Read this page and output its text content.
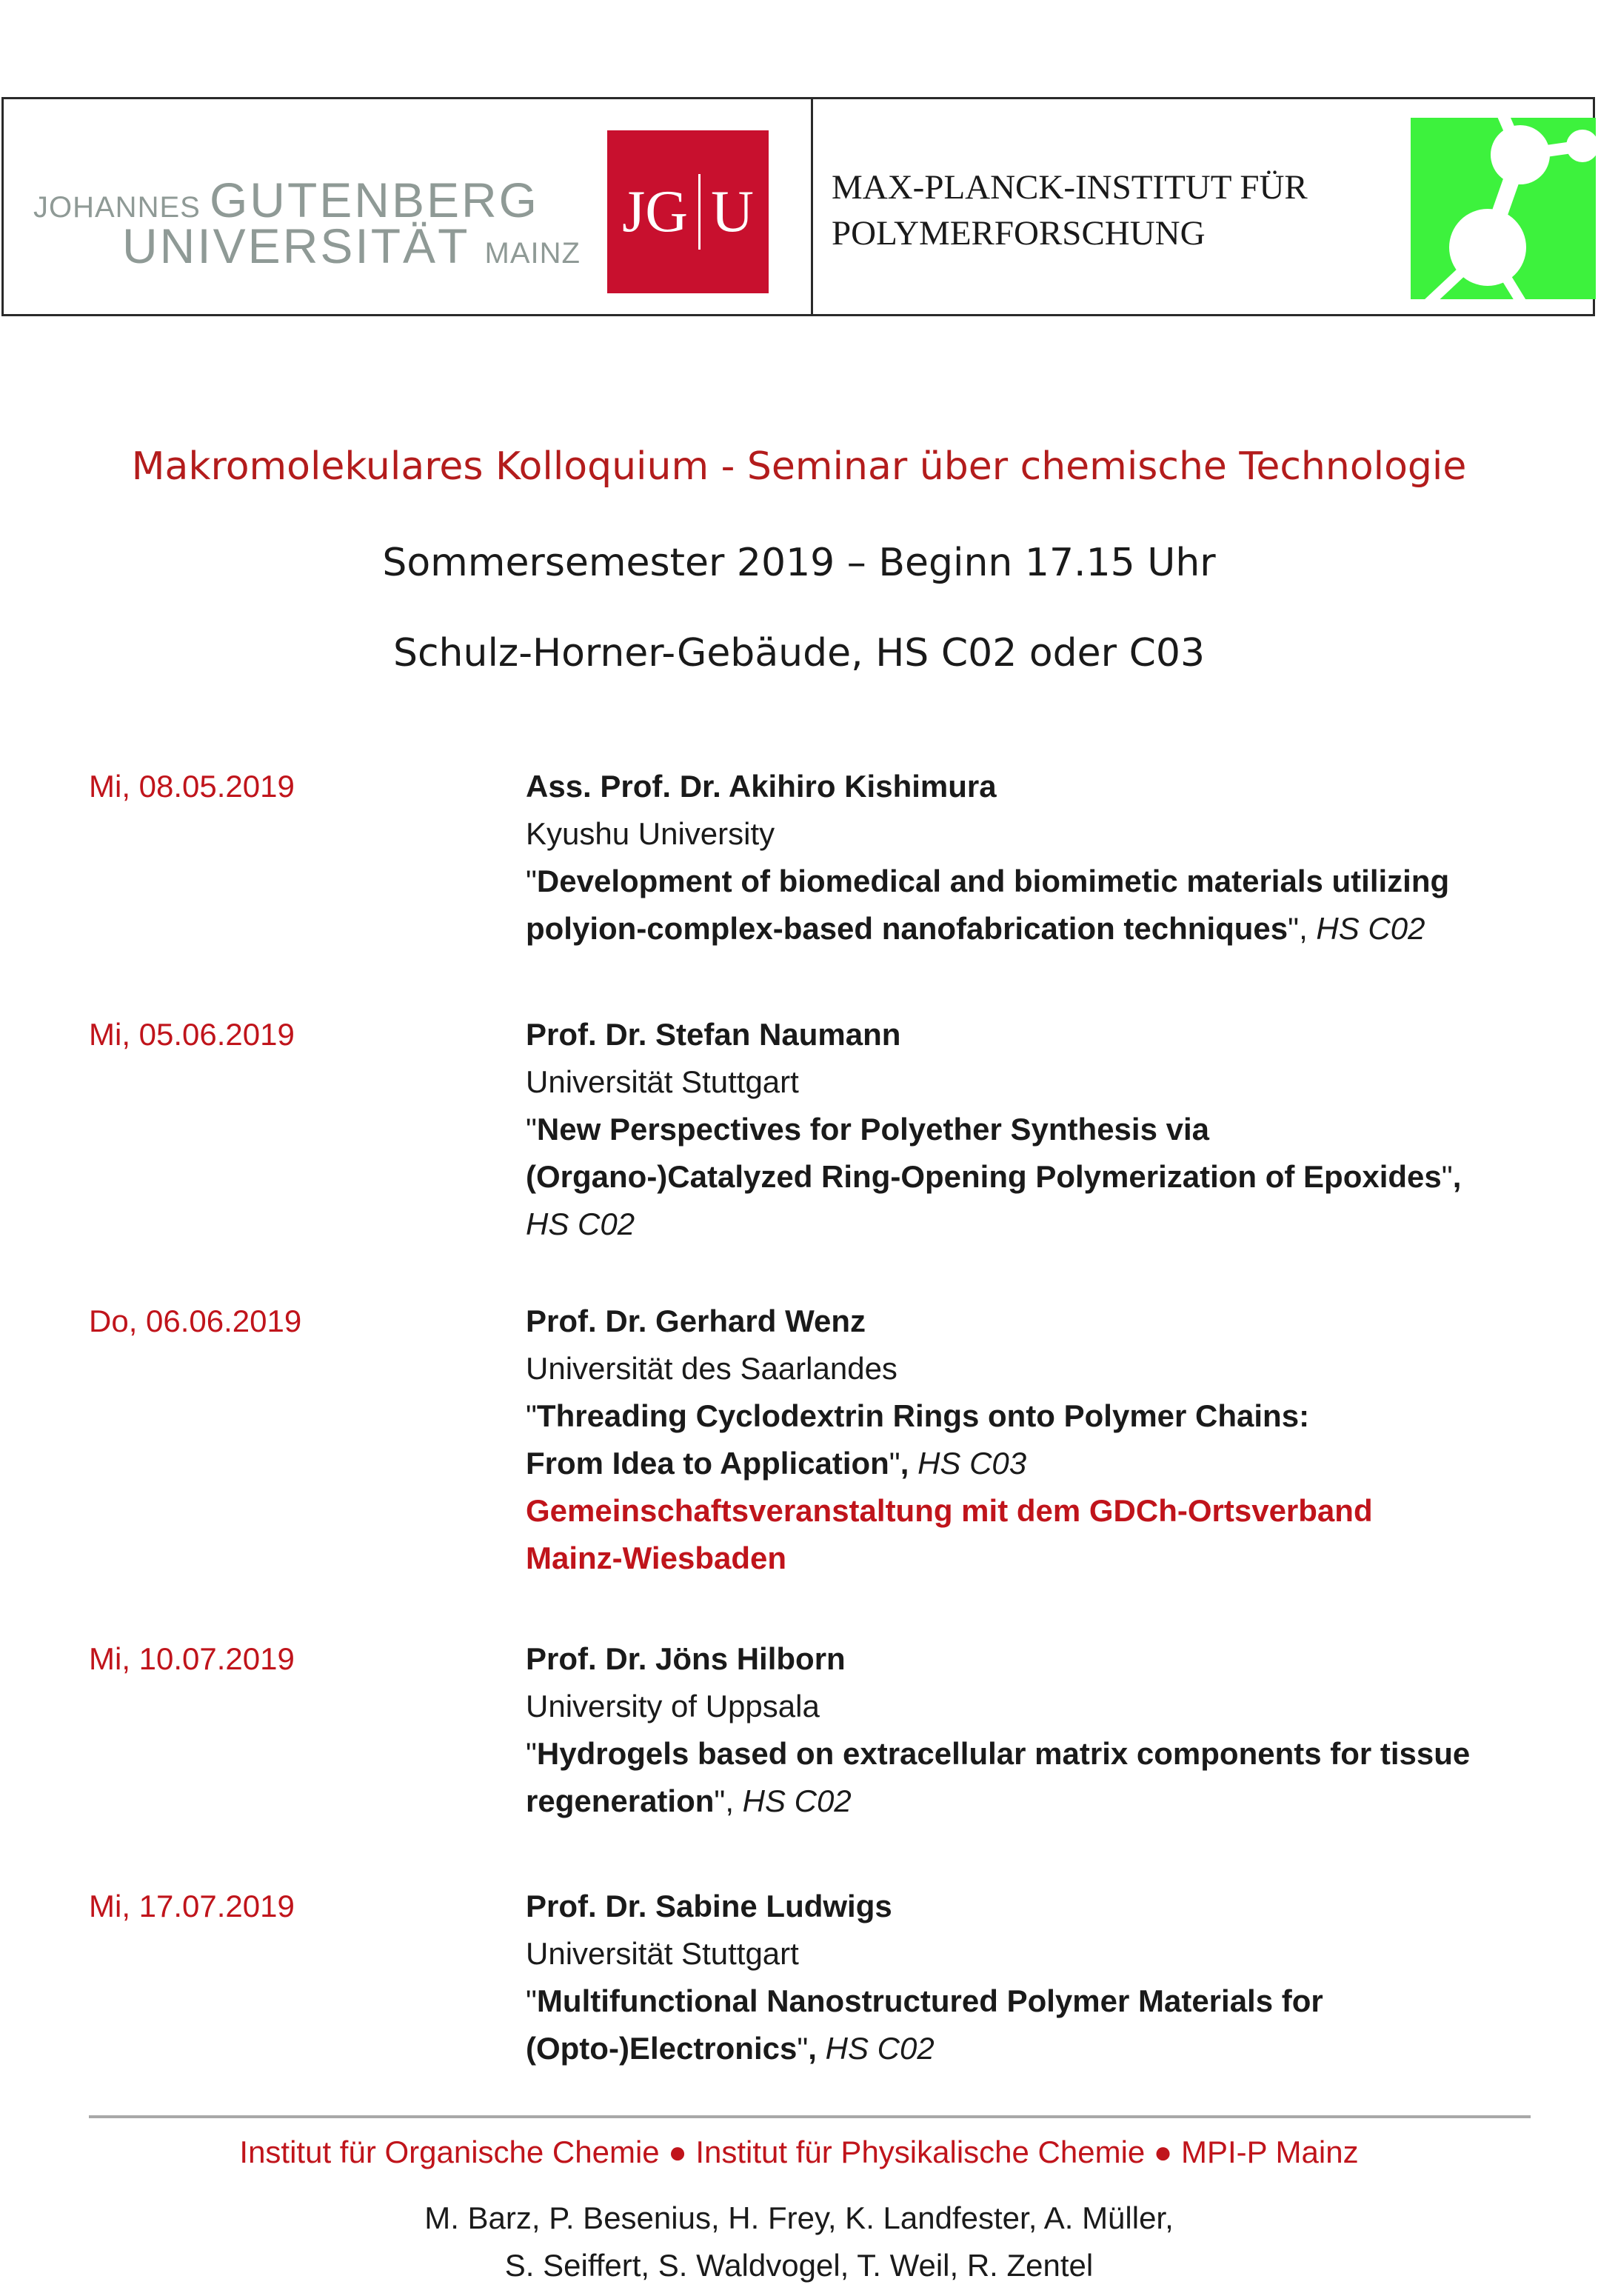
JOHANNES GUTENBERG
UNIVERSITÄT MAINZ
JG U MAX-PLANCK-INSTITUT FÜR
POLYMERFORSCHUNG
Makromolekulares Kolloquium - Seminar über chemische Technologie
Sommersemester 2019 – Beginn 17.15 Uhr
Schulz-Horner-Gebäude, HS C02 oder C03
Mi, 08.05.2019	Ass. Prof. Dr. Akihiro Kishimura
Kyushu University
"Development of biomedical and biomimetic materials utilizing
polyion-complex-based nanofabrication techniques", HS C02
Mi, 05.06.2019	Prof. Dr. Stefan Naumann
Universität Stuttgart
"New Perspectives for Polyether Synthesis via
(Organo-)Catalyzed Ring-Opening Polymerization of Epoxides",
HS C02
Do, 06.06.2019	Prof. Dr. Gerhard Wenz
Universität des Saarlandes
"Threading Cyclodextrin Rings onto Polymer Chains:
From Idea to Application", HS C03
Gemeinschaftsveranstaltung mit dem GDCh-Ortsverband
Mainz-Wiesbaden
Mi, 10.07.2019	Prof. Dr. Jöns Hilborn
University of Uppsala
"Hydrogels based on extracellular matrix components for tissue
regeneration", HS C02
Mi, 17.07.2019	Prof. Dr. Sabine Ludwigs
Universität Stuttgart
"Multifunctional Nanostructured Polymer Materials for
(Opto-)Electronics", HS C02
Institut für Organische Chemie ● Institut für Physikalische Chemie ● MPI-P Mainz
M. Barz, P. Besenius, H. Frey, K. Landfester, A. Müller,
S. Seiffert, S. Waldvogel, T. Weil, R. Zentel
